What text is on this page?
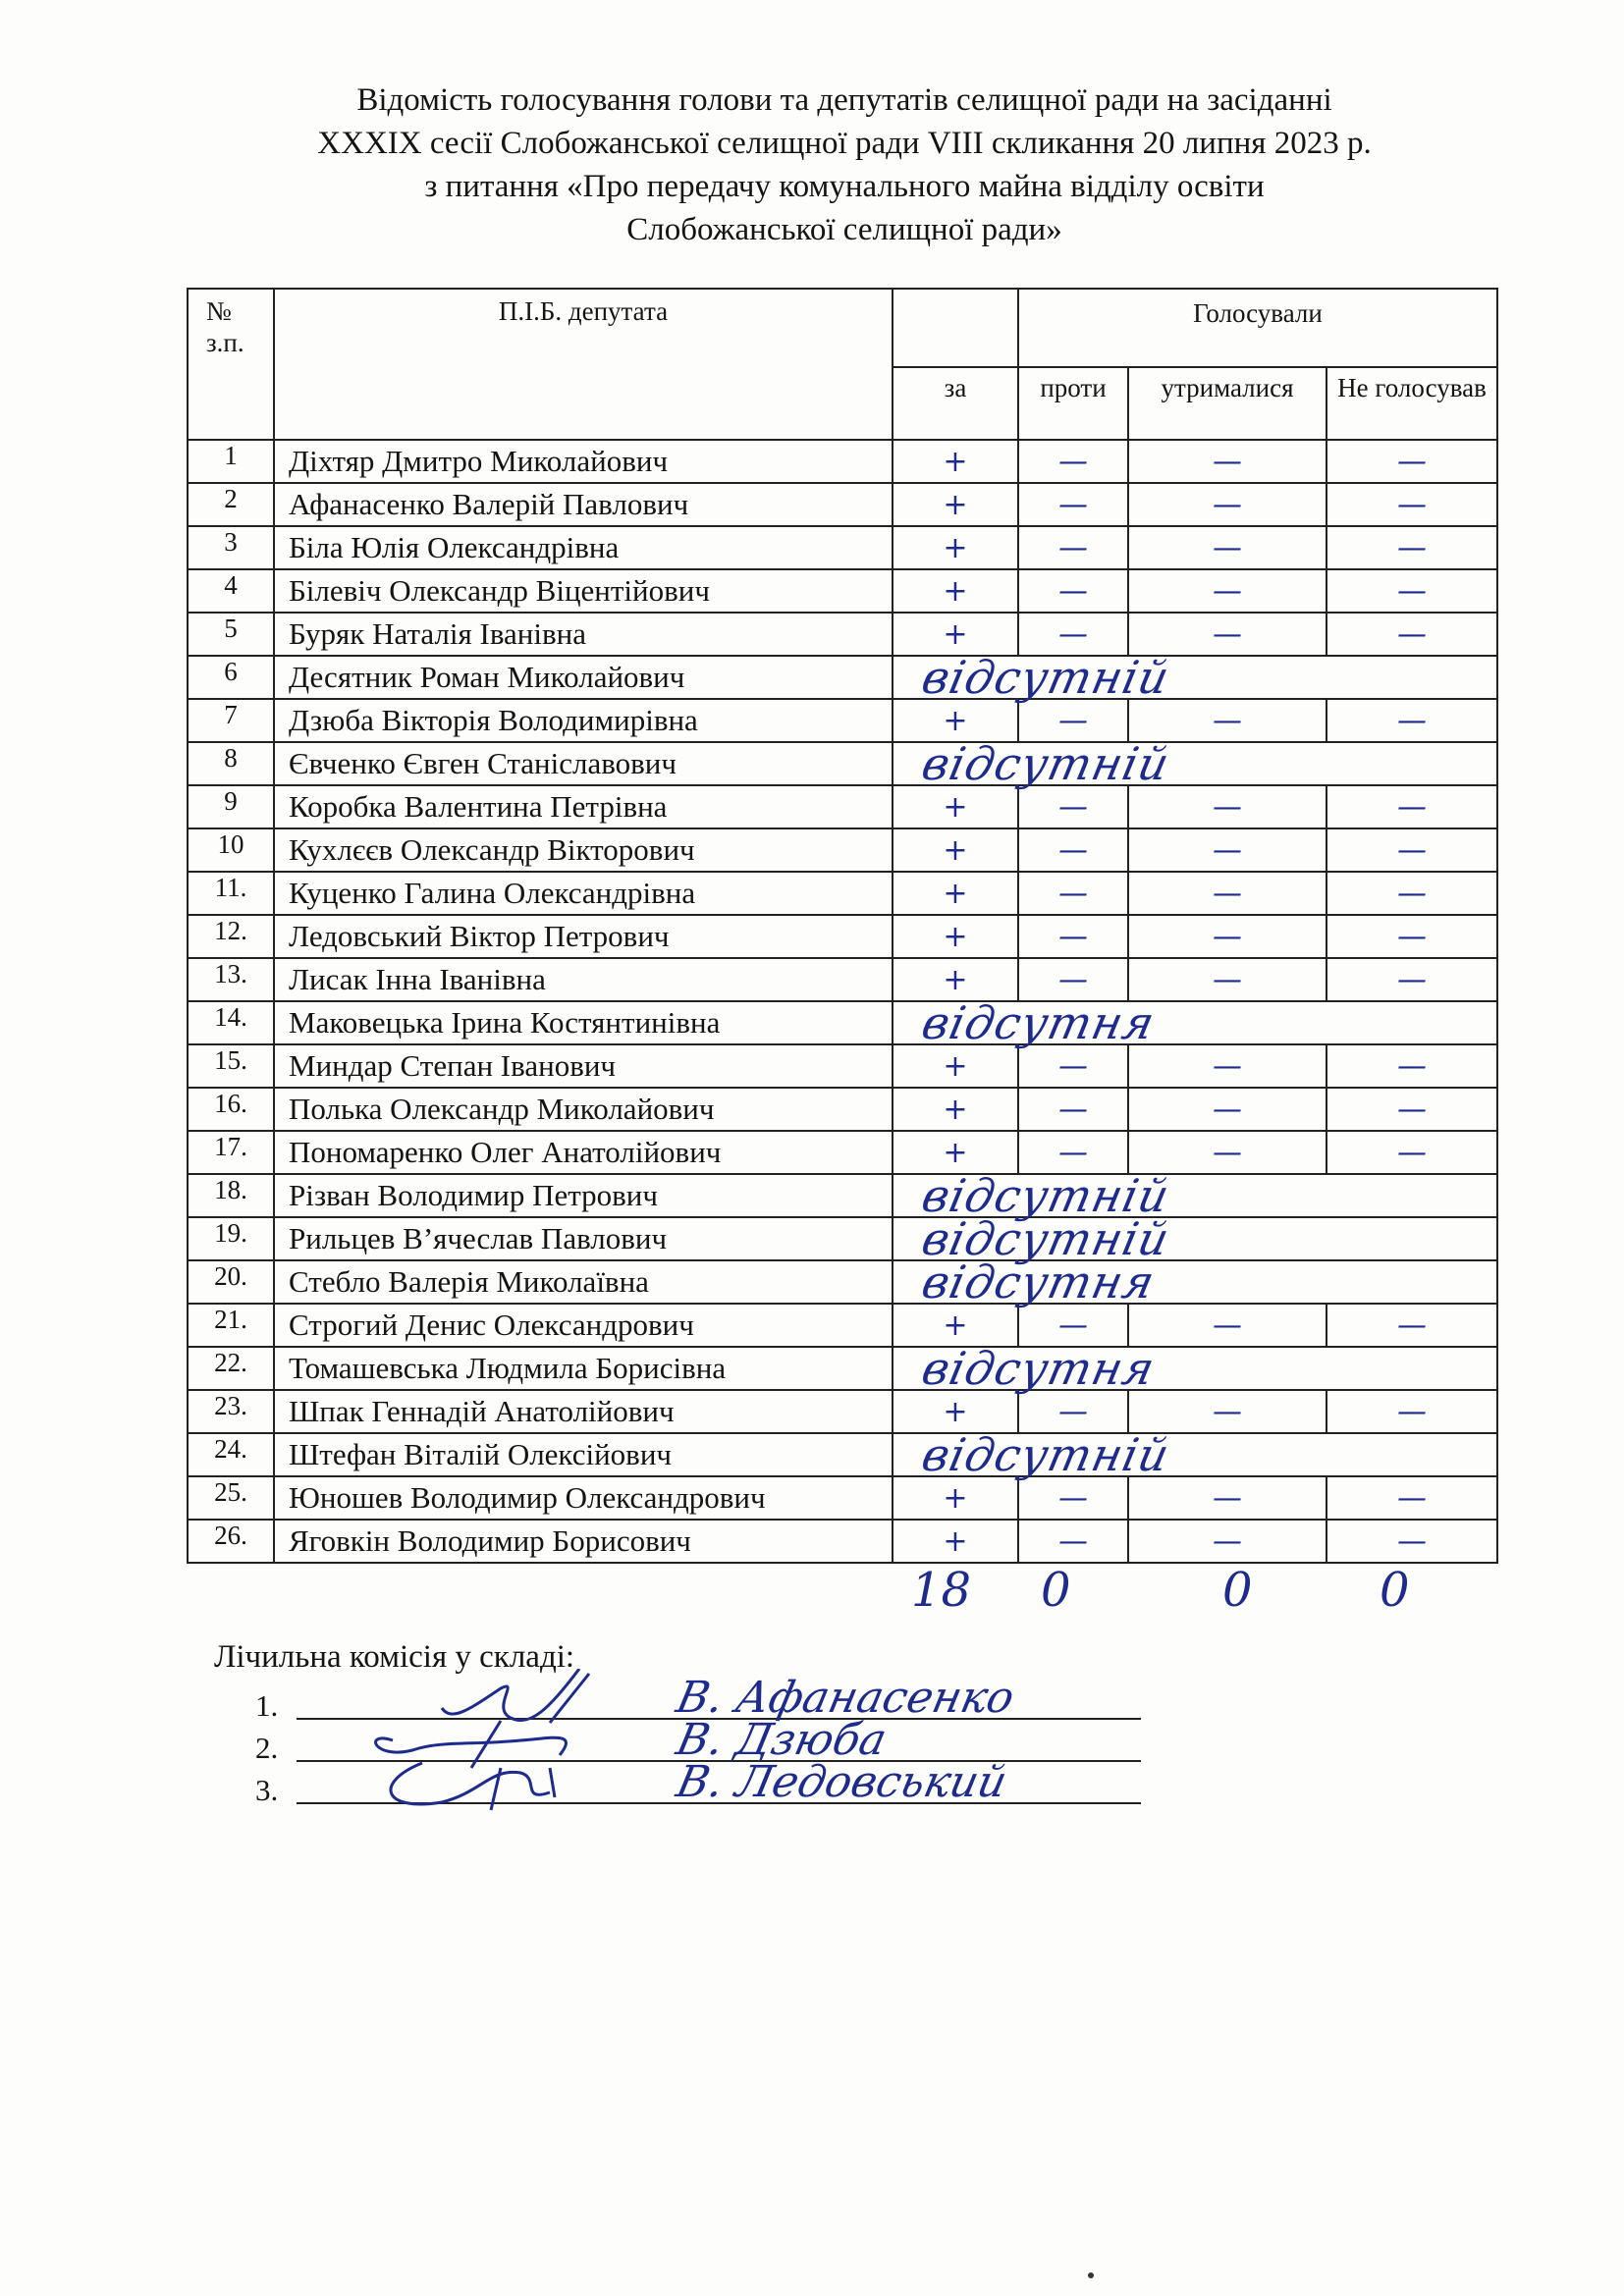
Відомість голосування голови та депутатів селищної ради на засіданні
XXXIX сесії Слобожанської селищної ради VIII скликання 20 липня 2023 р.
з питання «Про передачу комунального майна відділу освіти
Слобожанської селищної ради»
№ з.п.	П.І.Б. депутата		Голосували		
		за	проти	утрималися	Не голосував
1	Діхтяр Дмитро Миколайович	+	—	—	—
2	Афанасенко Валерій Павлович	+	—	—	—
3	Біла Юлія Олександрівна	+	—	—	—
4	Білевіч Олександр Віцентійович	+	—	—	—
5	Буряк Наталія Іванівна	+	—	—	—
6	Десятник Роман Миколайович	відсутній			

7	Дзюба Вікторія Володимирівна	+	—	—	—
8	Євченко Євген Станіславович	відсутній			

9	Коробка Валентина Петрівна	+	—	—	—
10	Кухлєєв Олександр Вікторович	+	—	—	—
11.	Куценко Галина Олександрівна	+	—	—	—
12.	Ледовський Віктор Петрович	+	—	—	—
13.	Лисак Інна Іванівна	+	—	—	—
14.	Маковецька Ірина Костянтинівна	відсутня			

15.	Миндар Степан Іванович	+	—	—	—
16.	Полька Олександр Миколайович	+	—	—	—
17.	Пономаренко Олег Анатолійович	+	—	—	—
18.	Різван Володимир Петрович	відсутній			

19.	Рильцев В’ячеслав Павлович	відсутній			

20.	Стебло Валерія Миколаївна	відсутня			

21.	Строгий Денис Олександрович	+	—	—	—
22.	Томашевська Людмила Борисівна	відсутня			

23.	Шпак Геннадій Анатолійович	+	—	—	—
24.	Штефан Віталій Олексійович	відсутній			

25.	Юношев Володимир Олександрович	+	—	—	—
26.	Яговкін Володимир Борисович	+	—	—	—
18 0	0	0
Лічильна комісія у складі:
1.	В. Афанасенко
2.	В. Дзюба
3.	В. Ледовський
